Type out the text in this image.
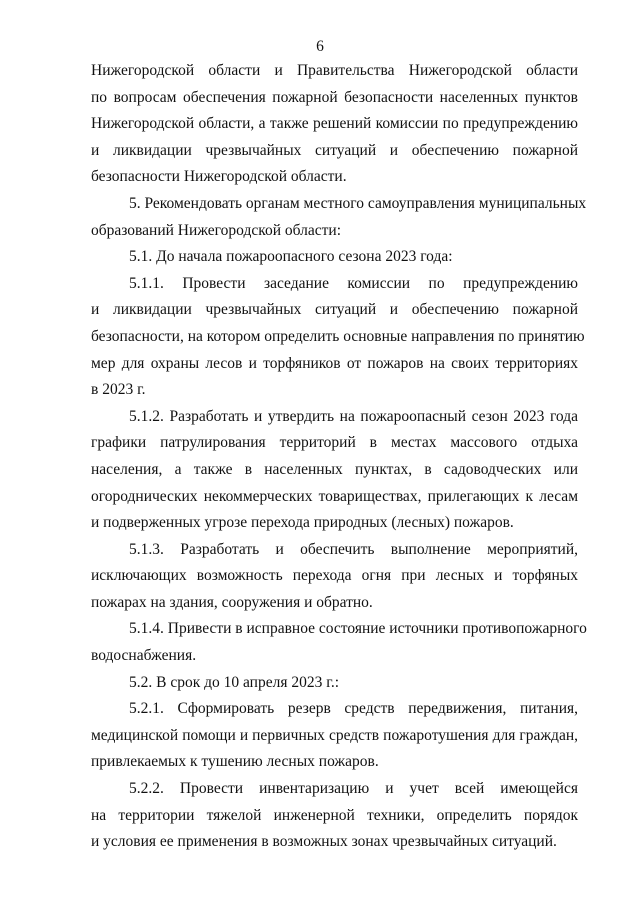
6
Нижегородской области и Правительства Нижегородской области
по вопросам обеспечения пожарной безопасности населенных пунктов
Нижегородской области, а также решений комиссии по предупреждению
и ликвидации чрезвычайных ситуаций и обеспечению пожарной
безопасности Нижегородской области.
5. Рекомендовать органам местного самоуправления муниципальных
образований Нижегородской области:
5.1. До начала пожароопасного сезона 2023 года:
5.1.1. Провести заседание комиссии по предупреждению
и ликвидации чрезвычайных ситуаций и обеспечению пожарной
безопасности, на котором определить основные направления по принятию
мер для охраны лесов и торфяников от пожаров на своих территориях
в 2023 г.
5.1.2. Разработать и утвердить на пожароопасный сезон 2023 года
графики патрулирования территорий в местах массового отдыха
населения, а также в населенных пунктах, в садоводческих или
огороднических некоммерческих товариществах, прилегающих к лесам
и подверженных угрозе перехода природных (лесных) пожаров.
5.1.3. Разработать и обеспечить выполнение мероприятий,
исключающих возможность перехода огня при лесных и торфяных
пожарах на здания, сооружения и обратно.
5.1.4. Привести в исправное состояние источники противопожарного
водоснабжения.
5.2. В срок до 10 апреля 2023 г.:
5.2.1. Сформировать резерв средств передвижения, питания,
медицинской помощи и первичных средств пожаротушения для граждан,
привлекаемых к тушению лесных пожаров.
5.2.2. Провести инвентаризацию и учет всей имеющейся
на территории тяжелой инженерной техники, определить порядок
и условия ее применения в возможных зонах чрезвычайных ситуаций.
